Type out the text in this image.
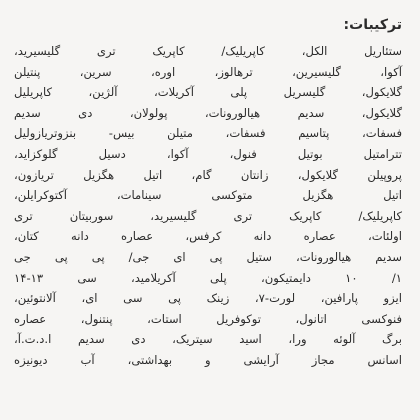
ترکیبات:
ستئاریل الکل، کاپریلیک/ کاپریک تری گلیسیرید،
آکوا، گلیسیرین، ترهالوز، اوره، سرین، پنتیلن
گلایکول، گلیسریل پلی آکریلات، آلژین، کاپریلیل
گلایکول، سدیم هیالورونات، پولولان، دی سدیم
فسفات، پتاسیم فسفات، متیلن بیس- بنزوتریازولیل
تترامتیل بوتیل فنول، آکوا، دسیل گلوکزاید،
پروپیلن گلایکول، زانتان گام، اتیل هگزیل تریازون،
اتیل هگزیل متوکسی سینامات، آکتوکرایلن،
کاپریلیک/ کاپریک تری گلیسیرید، سوربیتان تری
اولئات، عصاره دانه کرفس، عصاره دانه کتان،
سدیم هیالورونات، ستیل پی ای جی/ پی پی جی
۱/ ۱۰ دایمتیکون، پلی آکریلامید، سی ۱۳-۱۴
ایزو پارافین، لورت-۷، زینک پی سی ای، آلانتوئین،
فنوکسی اتانول، توکوفریل استات، پنتنول، عصاره
برگ آلوئه ورا، اسید سیتریک، دی سدیم ا.د.ت.آ،
اسانس مجاز آرایشی و بهداشتی، آب دیونیزه
